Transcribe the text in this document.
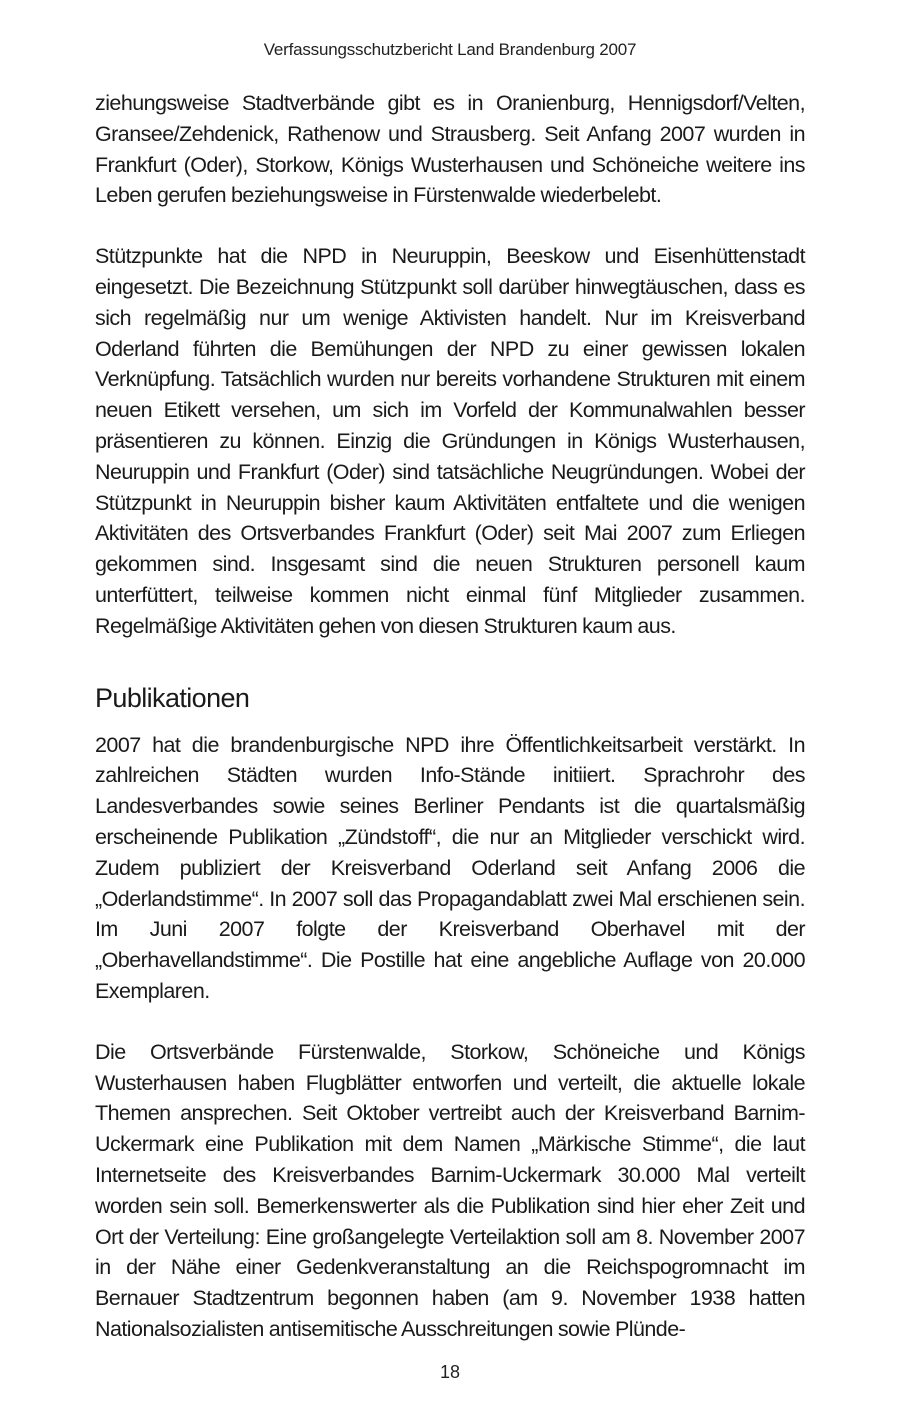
Verfassungsschutzbericht Land Brandenburg 2007

ziehungsweise Stadtverbände gibt es in Oranienburg, Hennigsdorf/Velten, Gransee/Zehdenick, Rathenow und Strausberg. Seit Anfang 2007 wurden in Frankfurt (Oder), Storkow, Königs Wusterhausen und Schöneiche weitere ins Leben gerufen beziehungsweise in Fürstenwalde wiederbelebt.

Stützpunkte hat die NPD in Neuruppin, Beeskow und Eisenhüttenstadt eingesetzt. Die Bezeichnung Stützpunkt soll darüber hinwegtäuschen, dass es sich regelmäßig nur um wenige Aktivisten handelt. Nur im Kreisverband Oderland führten die Bemühungen der NPD zu einer gewissen lokalen Verknüpfung. Tatsächlich wurden nur bereits vorhandene Strukturen mit einem neuen Etikett versehen, um sich im Vorfeld der Kommunalwahlen besser präsentieren zu können. Einzig die Gründungen in Königs Wusterhausen, Neuruppin und Frankfurt (Oder) sind tatsächliche Neugründungen. Wobei der Stützpunkt in Neuruppin bisher kaum Aktivitäten entfaltete und die wenigen Aktivitäten des Ortsverbandes Frankfurt (Oder) seit Mai 2007 zum Erliegen gekommen sind. Insgesamt sind die neuen Strukturen personell kaum unterfüttert, teilweise kommen nicht einmal fünf Mitglieder zusammen. Regelmäßige Aktivitäten gehen von diesen Strukturen kaum aus.

Publikationen

2007 hat die brandenburgische NPD ihre Öffentlichkeitsarbeit verstärkt. In zahlreichen Städten wurden Info-Stände initiiert. Sprachrohr des Landesverbandes sowie seines Berliner Pendants ist die quartalsmäßig erscheinende Publikation „Zündstoff“, die nur an Mitglieder verschickt wird. Zudem publiziert der Kreisverband Oderland seit Anfang 2006 die „Oderlandstimme“. In 2007 soll das Propagandablatt zwei Mal erschienen sein. Im Juni 2007 folgte der Kreisverband Oberhavel mit der „Oberhavellandstimme“. Die Postille hat eine angebliche Auflage von 20.000 Exemplaren.

Die Ortsverbände Fürstenwalde, Storkow, Schöneiche und Königs Wusterhausen haben Flugblätter entworfen und verteilt, die aktuelle lokale Themen ansprechen. Seit Oktober vertreibt auch der Kreisverband Barnim-Uckermark eine Publikation mit dem Namen „Märkische Stimme“, die laut Internetseite des Kreisverbandes Barnim-Uckermark 30.000 Mal verteilt worden sein soll. Bemerkenswerter als die Publikation sind hier eher Zeit und Ort der Verteilung: Eine großangelegte Verteilaktion soll am 8. November 2007 in der Nähe einer Gedenkveranstaltung an die Reichspogromnacht im Bernauer Stadtzentrum begonnen haben (am 9. November 1938 hatten Nationalsozialisten antisemitische Ausschreitungen sowie Plünde-

18
